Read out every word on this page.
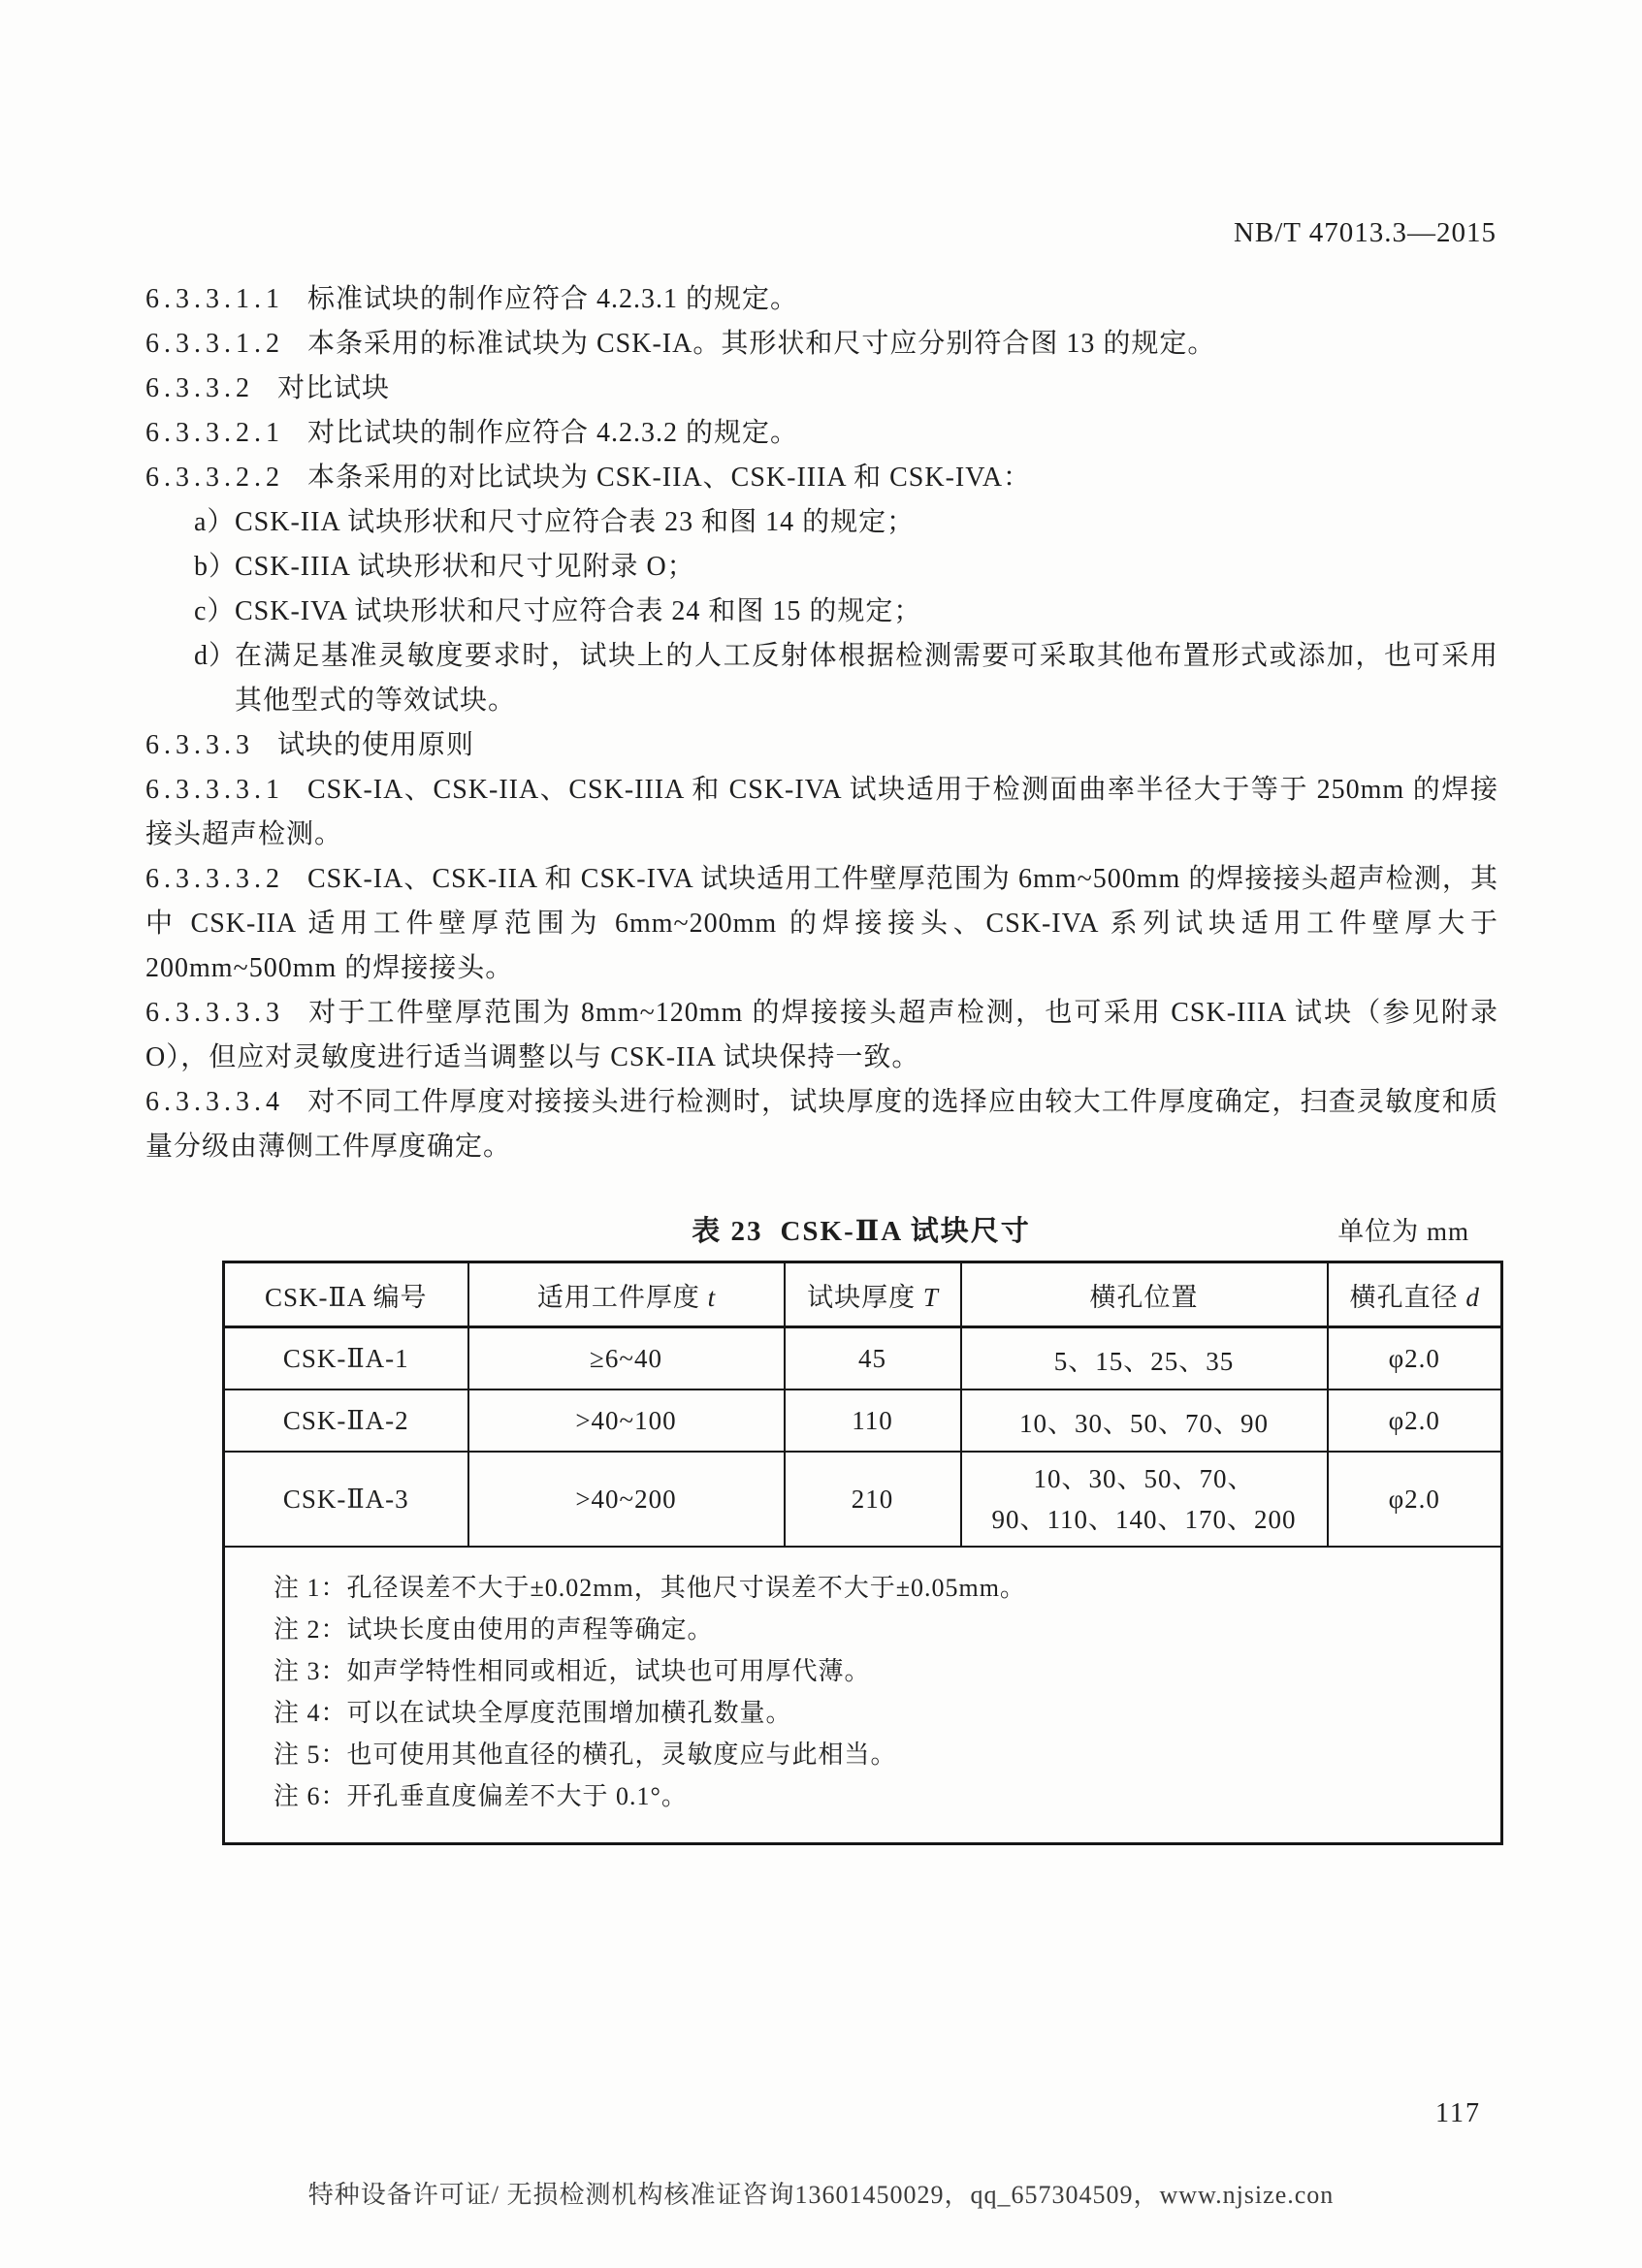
NB/T 47013.3—2015

6.3.3.1.1 标准试块的制作应符合 4.2.3.1 的规定。

6.3.3.1.2 本条采用的标准试块为 CSK-IA。其形状和尺寸应分别符合图 13 的规定。

6.3.3.2 对比试块

6.3.3.2.1 对比试块的制作应符合 4.2.3.2 的规定。

6.3.3.2.2 本条采用的对比试块为 CSK-IIA、CSK-IIIA 和 CSK-IVA：

a） CSK-IIA 试块形状和尺寸应符合表 23 和图 14 的规定；

b）
CSK-IIIA 试块形状和尺寸见附录 O；

c） CSK-IVA 试块形状和尺寸应符合表 24 和图 15 的规定；

d）
在满足基准灵敏度要求时，试块上的人工反射体根据检测需要可采取其他布置形式或添加，也可采用其他型式的等效试块。

6.3.3.3 试块的使用原则

6.3.3.3.1 CSK-IA、CSK-IIA、CSK-IIIA 和 CSK-IVA 试块适用于检测面曲率半径大于等于 250mm 的焊接接头超声检测。

6.3.3.3.2 CSK-IA、CSK-IIA 和 CSK-IVA 试块适用工件壁厚范围为 6mm~500mm 的焊接接头超声检测，其中 CSK-IIA 适用工件壁厚范围为 6mm~200mm 的焊接接头、CSK-IVA 系列试块适用工件壁厚大于 200mm~500mm 的焊接接头。

6.3.3.3.3 对于工件壁厚范围为 8mm~120mm 的焊接接头超声检测，也可采用 CSK-IIIA 试块（参见附录 O），但应对灵敏度进行适当调整以与 CSK-IIA 试块保持一致。

6.3.3.3.4 对不同工件厚度对接接头进行检测时，试块厚度的选择应由较大工件厚度确定，扫查灵敏度和质量分级由薄侧工件厚度确定。

表 23 CSK-ⅡA 试块尺寸	单位为 mm
CSK-ⅡA 编号	适用工件厚度 t	试块厚度 T	横孔位置	横孔直径 d
CSK-ⅡA-1	≥6~40	45	5、15、25、35	φ2.0
CSK-ⅡA-2	>40~100	110	10、30、50、70、90	φ2.0
CSK-ⅡA-3	>40~200	210	10、30、50、70、
90、110、140、170、200	φ2.0

注 1：孔径误差不大于±0.02mm，其他尺寸误差不大于±0.05mm。
注 2：试块长度由使用的声程等确定。
注 3：如声学特性相同或相近，试块也可用厚代薄。
注 4：可以在试块全厚度范围增加横孔数量。
注 5：也可使用其他直径的横孔，灵敏度应与此相当。
注 6：开孔垂直度偏差不大于 0.1°。
117
特种设备许可证/ 无损检测机构核准证咨询13601450029，qq_657304509，www.njsize.con
